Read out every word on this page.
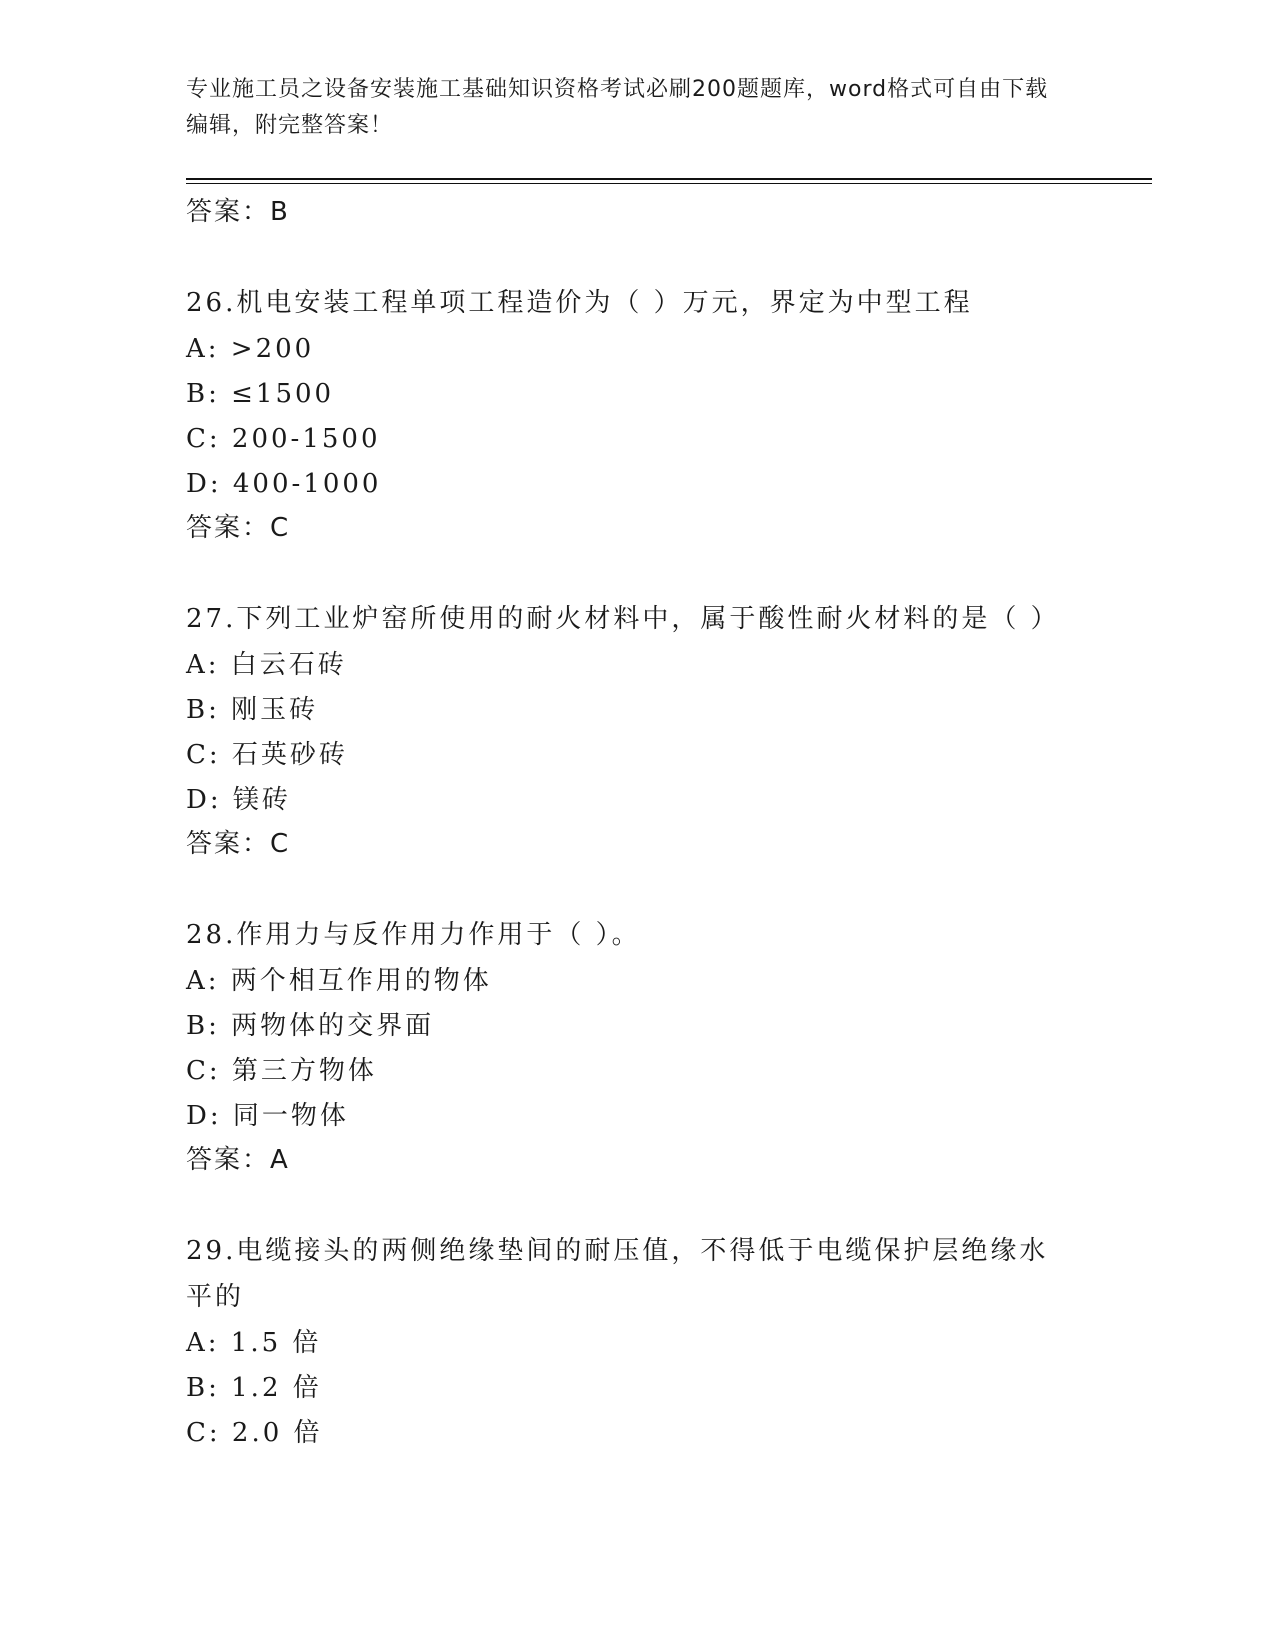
专业施工员之设备安装施工基础知识资格考试必刷200题题库，word格式可自由下载编辑，附完整答案！
答案：B
26.机电安装工程单项工程造价为（ ）万元，界定为中型工程
A: >200
B: ≤1500
C: 200-1500
D: 400-1000
答案：C
27.下列工业炉窑所使用的耐火材料中，属于酸性耐火材料的是（ ）
A: 白云石砖
B: 刚玉砖
C: 石英砂砖
D: 镁砖
答案：C
28.作用力与反作用力作用于（ ）。
A: 两个相互作用的物体
B: 两物体的交界面
C: 第三方物体
D: 同一物体
答案：A
29.电缆接头的两侧绝缘垫间的耐压值，不得低于电缆保护层绝缘水平的
A: 1.5 倍
B: 1.2 倍
C: 2.0 倍
